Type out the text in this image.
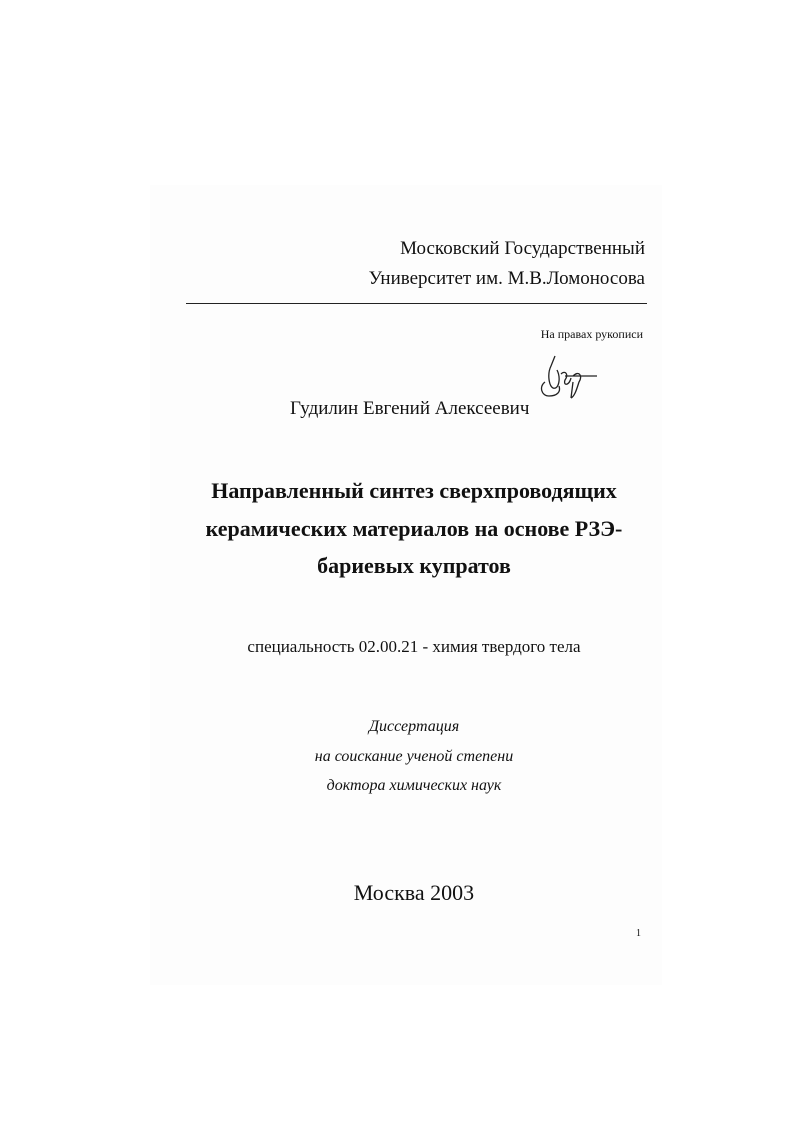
Московский Государственный
Университет им. М.В.Ломоносова
На правах рукописи
Гудилин Евгений Алексеевич
Направленный синтез сверхпроводящих
керамических материалов на основе РЗЭ-
бариевых купратов
специальность 02.00.21 - химия твердого тела
Диссертация
на соискание ученой степени
доктора химических наук
Москва 2003
1
